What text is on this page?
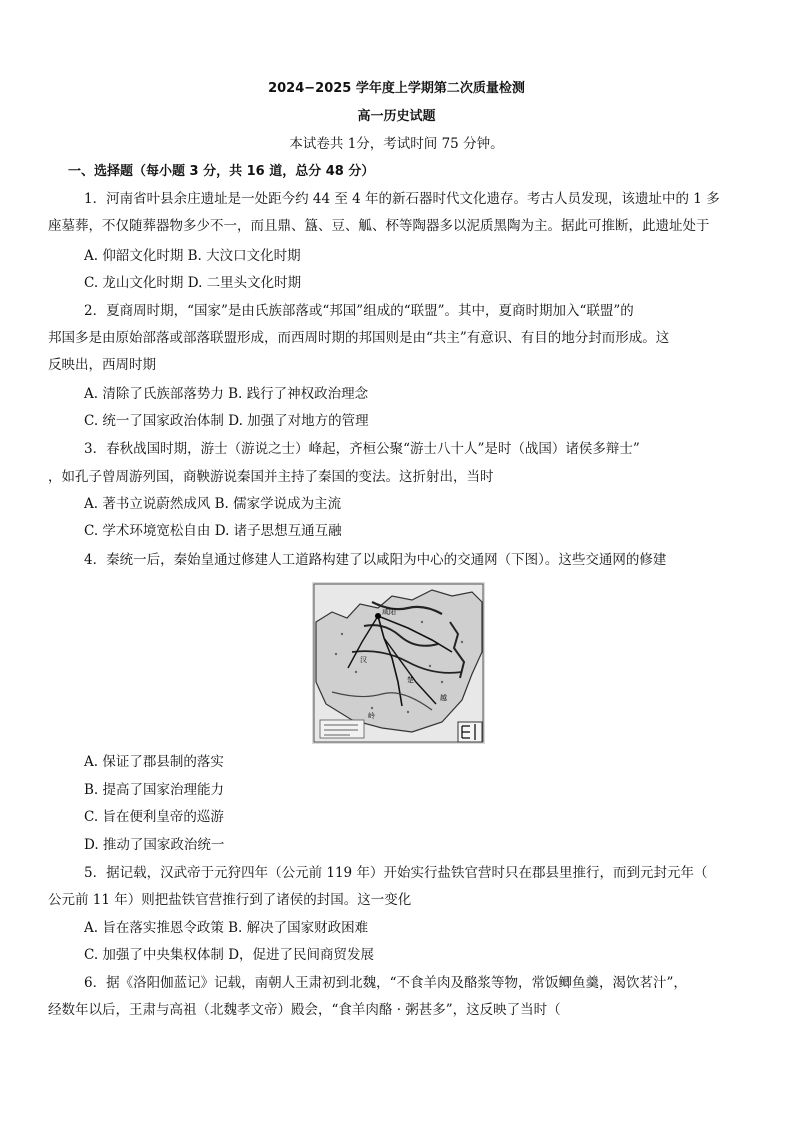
2024−2025 学年度上学期第二次质量检测
高一历史试题
本试卷共 1分，考试时间 75 分钟。
一、选择题（每小题 3 分，共 16 道，总分 48 分）
1．河南省叶县余庄遗址是一处距今约 44 至 4 年的新石器时代文化遗存。考古人员发现，该遗址中的 1 多
座墓葬，不仅随葬器物多少不一，而且鼎、簋、豆、觚、杯等陶器多以泥质黑陶为主。据此可推断，此遗址处于
A. 仰韶文化时期 B. 大汶口文化时期
C. 龙山文化时期 D. 二里头文化时期
2．夏商周时期，“国家”是由氏族部落或“邦国”组成的“联盟”。其中，夏商时期加入“联盟”的
邦国多是由原始部落或部落联盟形成，而西周时期的邦国则是由“共主”有意识、有目的地分封而形成。这
反映出，西周时期
A. 清除了氏族部落势力 B. 践行了神权政治理念
C. 统一了国家政治体制 D. 加强了对地方的管理
3．春秋战国时期，游士（游说之士）峰起，齐桓公聚“游士八十人”是时（战国）诸侯多辩士”
，如孔子曾周游列国，商鞅游说秦国并主持了秦国的变法。这折射出，当时
A. 著书立说蔚然成风 B. 儒家学说成为主流
C. 学术环境宽松自由 D. 诸子思想互通互融
4．秦统一后，秦始皇通过修建人工道路构建了以咸阳为中心的交通网（下图）。这些交通网的修建
咸阳
楚
越
汉
岭
A. 保证了郡县制的落实
B. 提高了国家治理能力
C. 旨在便利皇帝的巡游
D. 推动了国家政治统一
5．据记载，汉武帝于元狩四年（公元前 119 年）开始实行盐铁官营时只在郡县里推行，而到元封元年（
公元前 11 年）则把盐铁官营推行到了诸侯的封国。这一变化
A. 旨在落实推恩令政策 B. 解决了国家财政困难
C. 加强了中央集权体制 D，促进了民间商贸发展
6．据《洛阳伽蓝记》记载，南朝人王肃初到北魏，“不食羊肉及酪浆等物，常饭鲫鱼羹，渴饮茗汁”，
经数年以后，王肃与高祖（北魏孝文帝）殿会，“食羊肉酪 · 粥甚多”，这反映了当时（
